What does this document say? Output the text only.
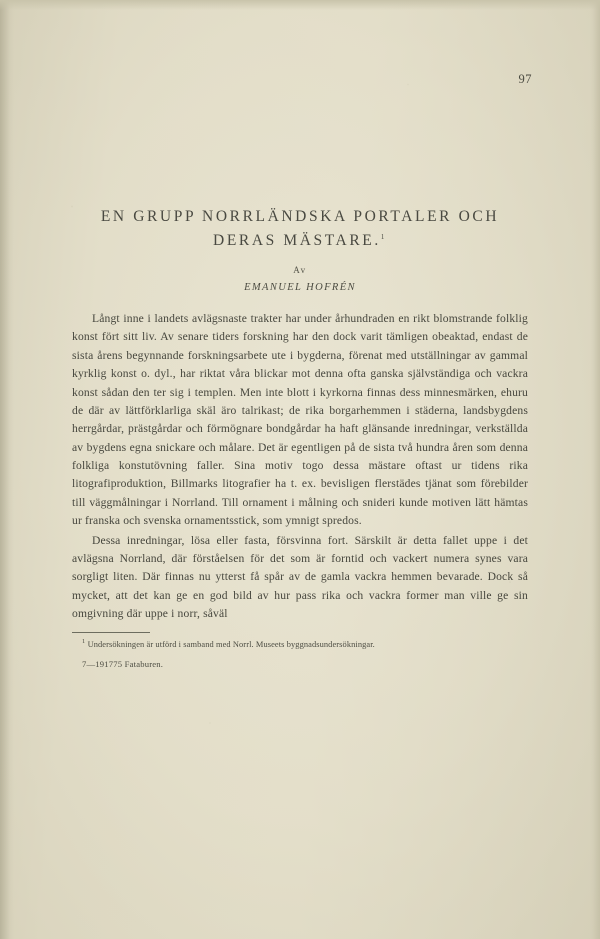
97
EN GRUPP NORRLÄNDSKA PORTALER OCH DERAS MÄSTARE.$^1$
Av
EMANUEL HOFRÉN

Långt inne i landets avlägsnaste trakter har under århundraden en rikt blomstrande folklig konst fört sitt liv. Av senare tiders forskning har den dock varit tämligen obeaktad, endast de sista årens begynnande forskningsarbete ute i bygderna, förenat med utställningar av gammal kyrklig konst o. dyl., har riktat våra blickar mot denna ofta ganska självständiga och vackra konst sådan den ter sig i templen. Men inte blott i kyrkorna finnas dess minnesmärken, ehuru de där av lättförklarliga skäl äro talrikast; de rika borgarhemmen i städerna, landsbygdens herrgårdar, prästgårdar och förmögnare bondgårdar ha haft glänsande inredningar, verkställda av bygdens egna snickare och målare. Det är egentligen på de sista två hundra åren som denna folkliga konstutövning faller. Sina motiv togo dessa mästare oftast ur tidens rika litografiproduktion, Billmarks litografier ha t. ex. bevisligen flerstädes tjänat som förebilder till väggmålningar i Norrland. Till ornament i målning och snideri kunde motiven lätt hämtas ur franska och svenska ornamentsstick, som ymnigt spredos.

Dessa inredningar, lösa eller fasta, försvinna fort. Särskilt är detta fallet uppe i det avlägsna Norrland, där förståelsen för det som är forntid och vackert numera synes vara sorgligt liten. Där finnas nu ytterst få spår av de gamla vackra hemmen bevarade. Dock så mycket, att det kan ge en god bild av hur pass rika och vackra former man ville ge sin omgivning där uppe i norr, såväl

$^1$ Undersökningen är utförd i samband med Norrl. Museets byggnadsundersökningar.
7—191775 Fataburen.
